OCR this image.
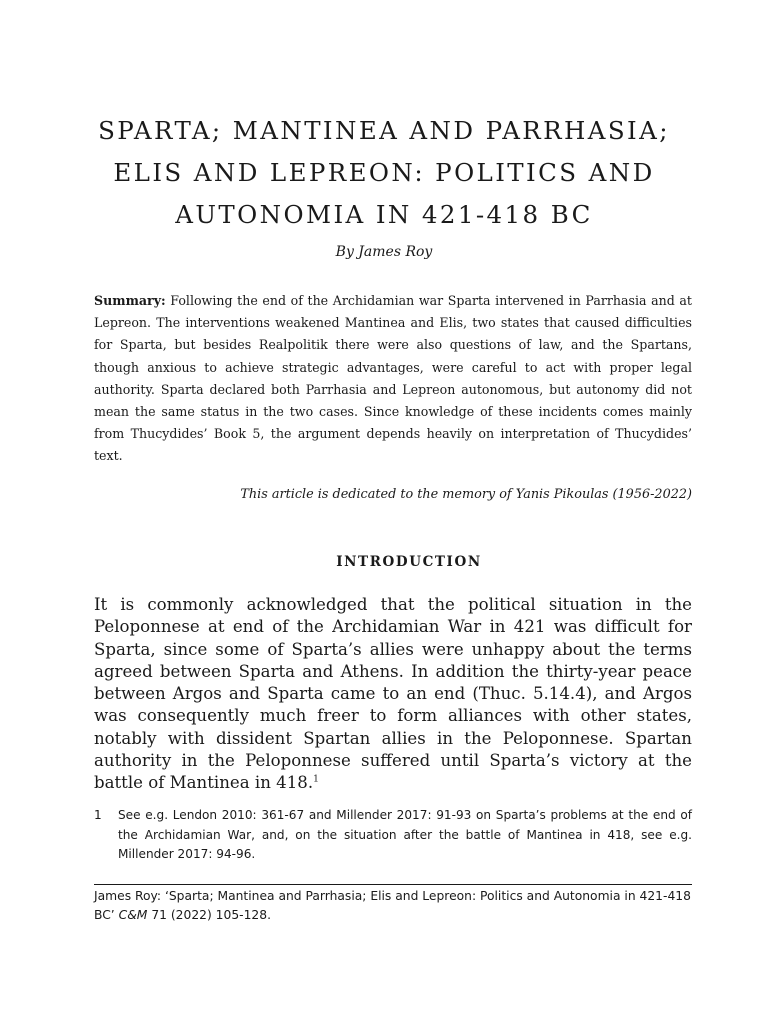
SPARTA; MANTINEA AND PARRHASIA; ELIS AND LEPREON: POLITICS AND AUTONOMIA IN 421-418 BC
By James Roy

Summary: Following the end of the Archidamian war Sparta intervened in Parrhasia and at Lepreon. The interventions weakened Mantinea and Elis, two states that caused difficulties for Sparta, but besides Realpolitik there were also questions of law, and the Spartans, though anxious to achieve strategic advantages, were careful to act with proper legal authority. Sparta declared both Parrhasia and Lepreon autonomous, but autonomy did not mean the same status in the two cases. Since knowledge of these incidents comes mainly from Thucydides’ Book 5, the argument depends heavily on interpretation of Thucydides’ text.

This article is dedicated to the memory of Yanis Pikoulas (1956-2022)
INTRODUCTION

It is commonly acknowledged that the political situation in the Peloponnese at end of the Archidamian War in 421 was difficult for Sparta, since some of Sparta’s allies were unhappy about the terms agreed between Sparta and Athens. In addition the thirty-year peace between Argos and Sparta came to an end (Thuc. 5.14.4), and Argos was consequently much freer to form alliances with other states, notably with dissident Spartan allies in the Peloponnese. Spartan authority in the Peloponnese suffered until Sparta’s victory at the battle of Mantinea in 418.$^1$

1	See e.g. Lendon 2010: 361-67 and Millender 2017: 91-93 on Sparta’s problems at the end of the Archidamian War, and, on the situation after the battle of Mantinea in 418, see e.g. Millender 2017: 94-96.

James Roy: ‘Sparta; Mantinea and Parrhasia; Elis and Lepreon: Politics and Autonomia in 421-418 BC’ C&M 71 (2022) 105-128.
